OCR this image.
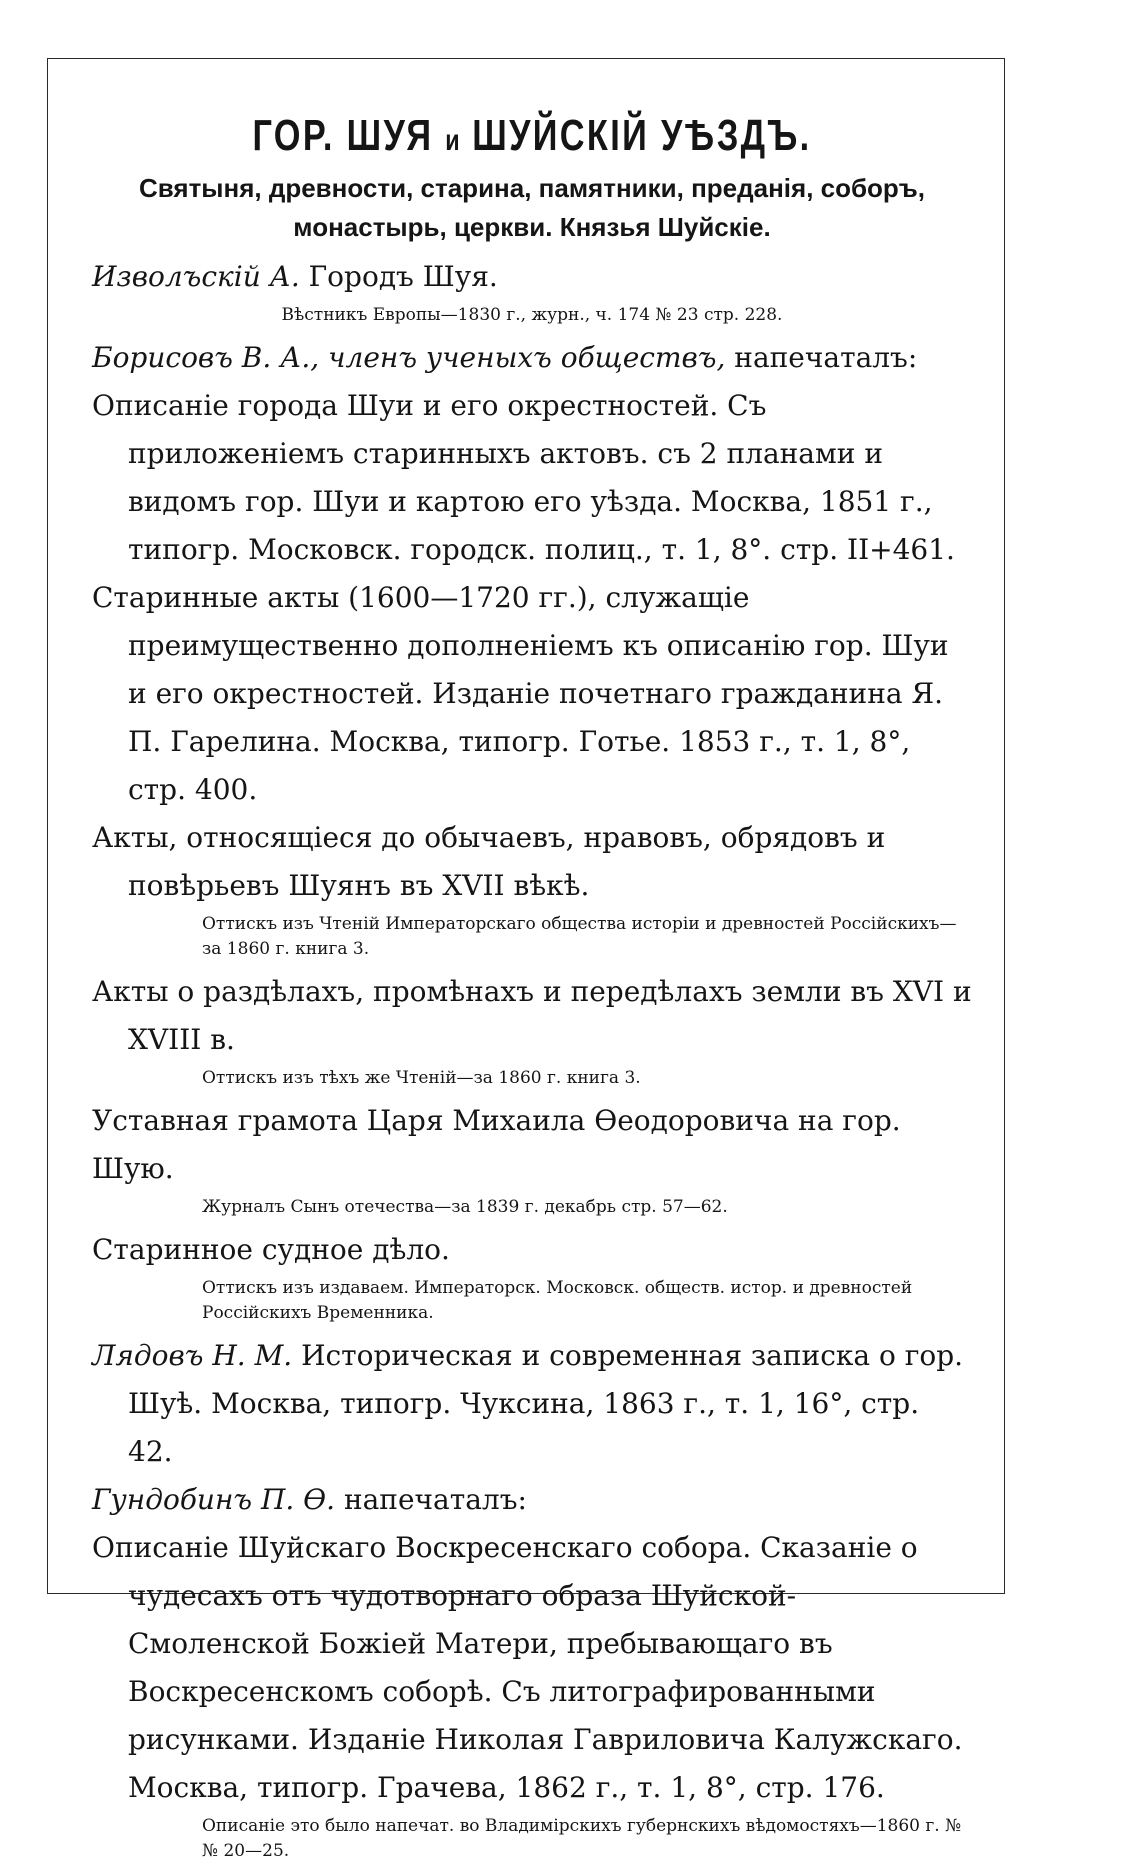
ГОР. ШУЯ и ШУЙСКІЙ УѢЗДЪ.

Святыня, древности, старина, памятники, преданія, соборъ, монастырь, церкви. Князья Шуйскіе.

Изволъскій А. Городъ Шуя.

Вѣстникъ Европы—1830 г., журн., ч. 174 № 23 стр. 228.

Борисовъ В. А., членъ ученыхъ обществъ, напечаталъ:

Описаніе города Шуи и его окрестностей. Съ приложеніемъ старинныхъ актовъ. съ 2 планами и видомъ гор. Шуи и картою его уѣзда. Москва, 1851 г., типогр. Московск. городск. полиц., т. 1, 8°. стр. II+461.

Старинные акты (1600—1720 гг.), служащіе преимущественно дополненіемъ къ описанію гор. Шуи и его окрестностей. Изданіе почетнаго гражданина Я. П. Гарелина. Москва, типогр. Готье. 1853 г., т. 1, 8°, стр. 400.

Акты, относящіеся до обычаевъ, нравовъ, обрядовъ и повѣрьевъ Шуянъ въ XVII вѣкѣ.

Оттискъ изъ Чтеній Императорскаго общества исторіи и древностей Россійскихъ—за 1860 г. книга 3.

Акты о раздѣлахъ, промѣнахъ и передѣлахъ земли въ XVI и XVIII в.

Оттискъ изъ тѣхъ же Чтеній—за 1860 г. книга 3.

Уставная грамота Царя Михаила Ѳеодоровича на гор. Шую.

Журналъ Сынъ отечества—за 1839 г. декабрь стр. 57—62.

Старинное судное дѣло.

Оттискъ изъ издаваем. Императорск. Московск. обществ. истор. и древностей Россійскихъ Временника.

Лядовъ Н. М. Историческая и современная записка о гор. Шуѣ. Москва, типогр. Чуксина, 1863 г., т. 1, 16°, стр. 42.

Гундобинъ П. Ѳ. напечаталъ:

Описаніе Шуйскаго Воскресенскаго собора. Сказаніе о чудесахъ отъ чудотворнаго образа Шуйской-Смоленской Божіей Матери, пребывающаго въ Воскресенскомъ соборѣ. Съ литографированными рисунками. Изданіе Николая Гавриловича Калужскаго. Москва, типогр. Грачева, 1862 г., т. 1, 8°, стр. 176.

Описаніе это было напечат. во Владимірскихъ губернскихъ вѣдомостяхъ—1860 г. №№ 20—25.
